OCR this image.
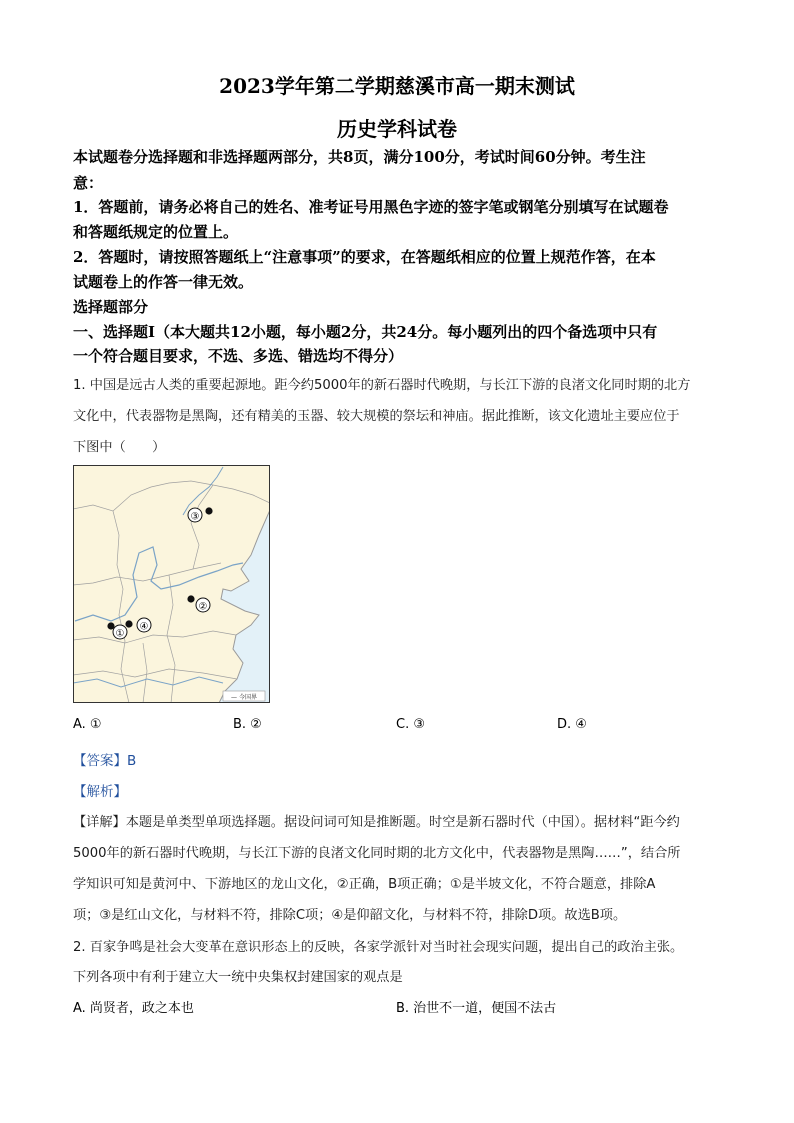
2023学年第二学期慈溪市高一期末测试
历史学科试卷
本试题卷分选择题和非选择题两部分，共8页，满分100分，考试时间60分钟。考生注
意：
1．答题前，请务必将自己的姓名、准考证号用黑色字迹的签字笔或钢笔分别填写在试题卷
和答题纸规定的位置上。
2．答题时，请按照答题纸上“注意事项”的要求，在答题纸相应的位置上规范作答，在本
试题卷上的作答一律无效。
选择题部分
一、选择题Ⅰ（本大题共12小题，每小题2分，共24分。每小题列出的四个备选项中只有
一个符合题目要求，不选、多选、错选均不得分）
1. 中国是远古人类的重要起源地。距今约5000年的新石器时代晚期，与长江下游的良渚文化同时期的北方
文化中，代表器物是黑陶，还有精美的玉器、较大规模的祭坛和神庙。据此推断，该文化遗址主要应位于
下图中（　　）
③
②
①
④
— 今国界
A. ①	B. ②	C. ③	D. ④
【答案】B
【解析】
【详解】本题是单类型单项选择题。据设问词可知是推断题。时空是新石器时代（中国）。据材料“距今约
5000年的新石器时代晚期，与长江下游的良渚文化同时期的北方文化中，代表器物是黑陶……”，结合所
学知识可知是黄河中、下游地区的龙山文化，②正确，B项正确；①是半坡文化，不符合题意，排除A
项；③是红山文化，与材料不符，排除C项；④是仰韶文化，与材料不符，排除D项。故选B项。
2. 百家争鸣是社会大变革在意识形态上的反映，各家学派针对当时社会现实问题，提出自己的政治主张。
下列各项中有利于建立大一统中央集权封建国家的观点是
A. 尚贤者，政之本也	B. 治世不一道，便国不法古
